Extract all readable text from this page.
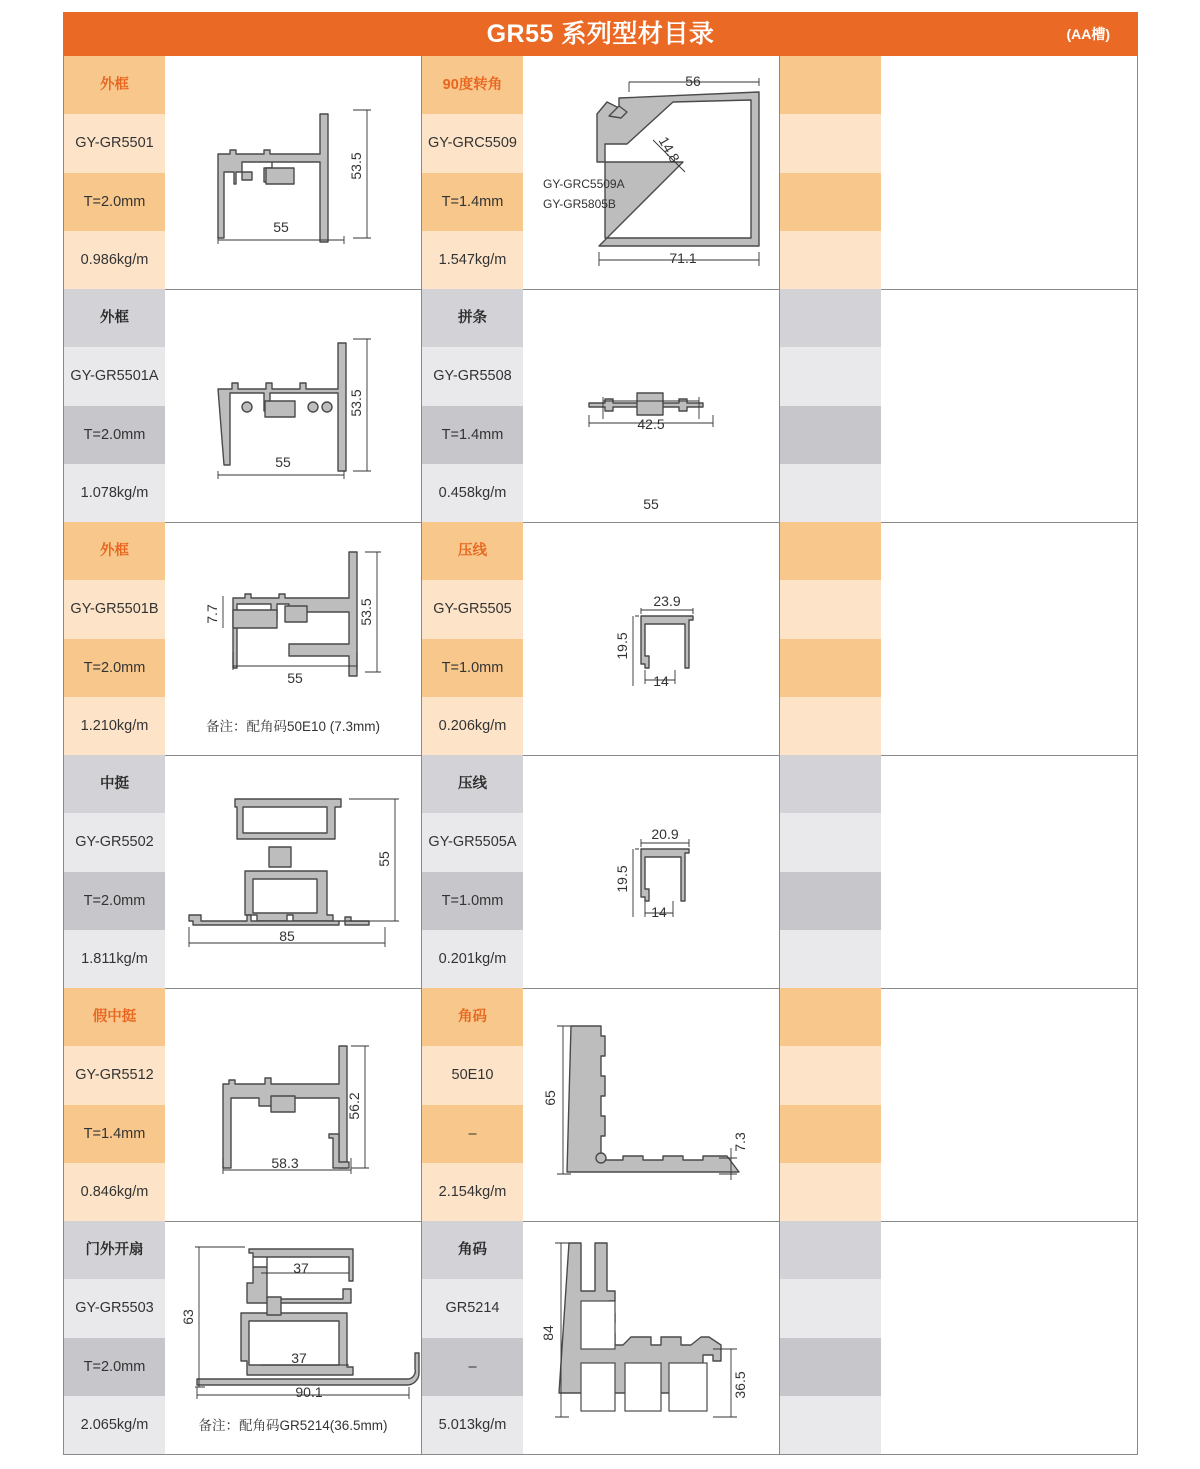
GR55 系列型材目录	(AA槽)
外框
GY-GR5501
T=2.0mm
0.986kg/m
55
53.5
90度转角
GY-GRC5509
T=1.4mm
1.547kg/m
56
14.8
71.1
GY-GRC5509A
GY-GR5805B
外框
GY-GR5501A
T=2.0mm
1.078kg/m
55
53.5
拼条
GY-GR5508
T=1.4mm
0.458kg/m
42.5
55
外框
GY-GR5501B
T=2.0mm
1.210kg/m
55
53.5
7.7
备注：配角码50E10 (7.3mm)
压线
GY-GR5505
T=1.0mm
0.206kg/m
23.9
19.5
14
中挺
GY-GR5502
T=2.0mm
1.811kg/m
85
55
压线
GY-GR5505A
T=1.0mm
0.201kg/m
20.9
19.5
14
假中挺
GY-GR5512
T=1.4mm
0.846kg/m
58.3
56.2
角码
50E10
–
2.154kg/m
65
7.3
门外开扇
GY-GR5503
T=2.0mm
2.065kg/m
37
37
90.1
63
备注：配角码GR5214(36.5mm)
角码
GR5214
–
5.013kg/m
84
36.5
